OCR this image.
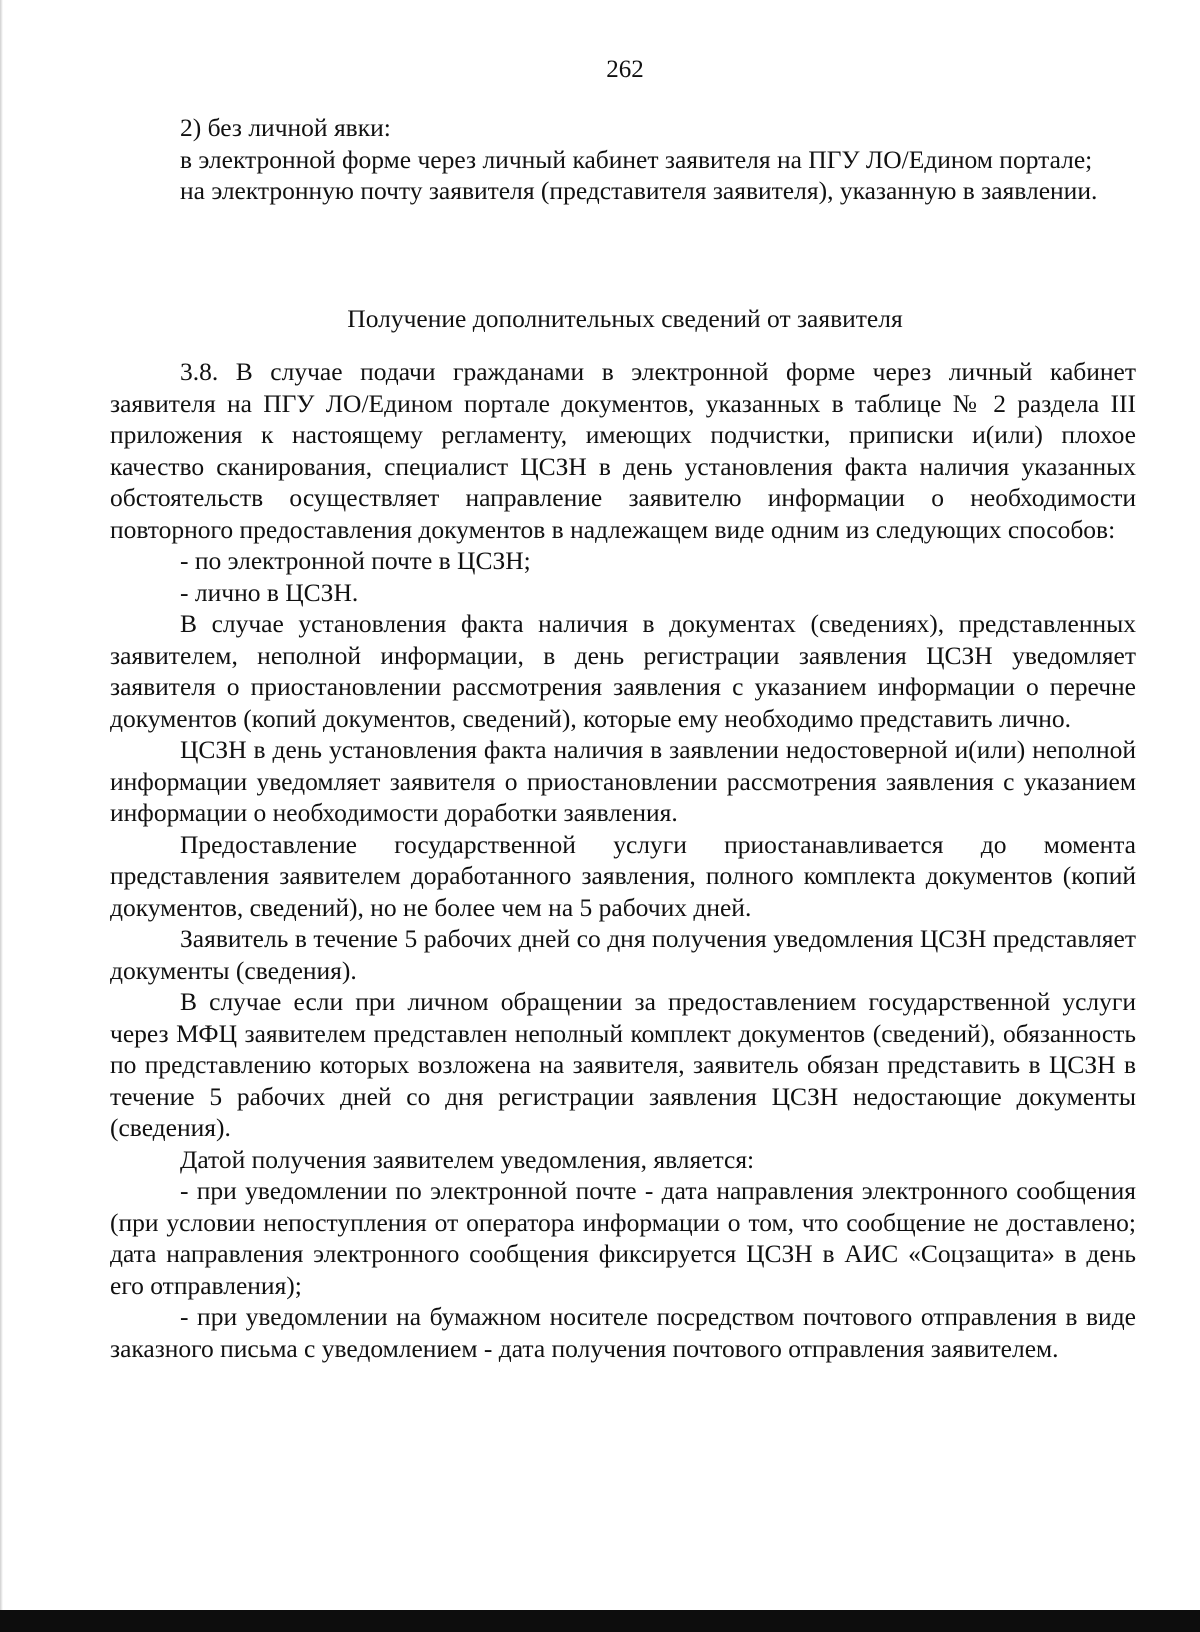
262

2) без личной явки:

в электронной форме через личный кабинет заявителя на ПГУ ЛО/Едином портале;

на электронную почту заявителя (представителя заявителя), указанную в заявлении.

Получение дополнительных сведений от заявителя

3.8. В случае подачи гражданами в электронной форме через личный кабинет заявителя на ПГУ ЛО/Едином портале документов, указанных в таблице № 2 раздела III приложения к настоящему регламенту, имеющих подчистки, приписки и(или) плохое качество сканирования, специалист ЦСЗН в день установления факта наличия указанных обстоятельств осуществляет направление заявителю информации о необходимости повторного предоставления документов в надлежащем виде одним из следующих способов:

- по электронной почте в ЦСЗН;

- лично в ЦСЗН.

В случае установления факта наличия в документах (сведениях), представленных заявителем, неполной информации, в день регистрации заявления ЦСЗН уведомляет заявителя о приостановлении рассмотрения заявления с указанием информации о перечне документов (копий документов, сведений), которые ему необходимо представить лично.

ЦСЗН в день установления факта наличия в заявлении недостоверной и(или) неполной информации уведомляет заявителя о приостановлении рассмотрения заявления с указанием информации о необходимости доработки заявления.

Предоставление государственной услуги приостанавливается до момента представления заявителем доработанного заявления, полного комплекта документов (копий документов, сведений), но не более чем на 5 рабочих дней.

Заявитель в течение 5 рабочих дней со дня получения уведомления ЦСЗН представляет документы (сведения).

В случае если при личном обращении за предоставлением государственной услуги через МФЦ заявителем представлен неполный комплект документов (сведений), обязанность по представлению которых возложена на заявителя, заявитель обязан представить в ЦСЗН в течение 5 рабочих дней со дня регистрации заявления ЦСЗН недостающие документы (сведения).

Датой получения заявителем уведомления, является:

- при уведомлении по электронной почте - дата направления электронного сообщения (при условии непоступления от оператора информации о том, что сообщение не доставлено; дата направления электронного сообщения фиксируется ЦСЗН в АИС «Соцзащита» в день его отправления);

- при уведомлении на бумажном носителе посредством почтового отправления в виде заказного письма с уведомлением - дата получения почтового отправления заявителем.
